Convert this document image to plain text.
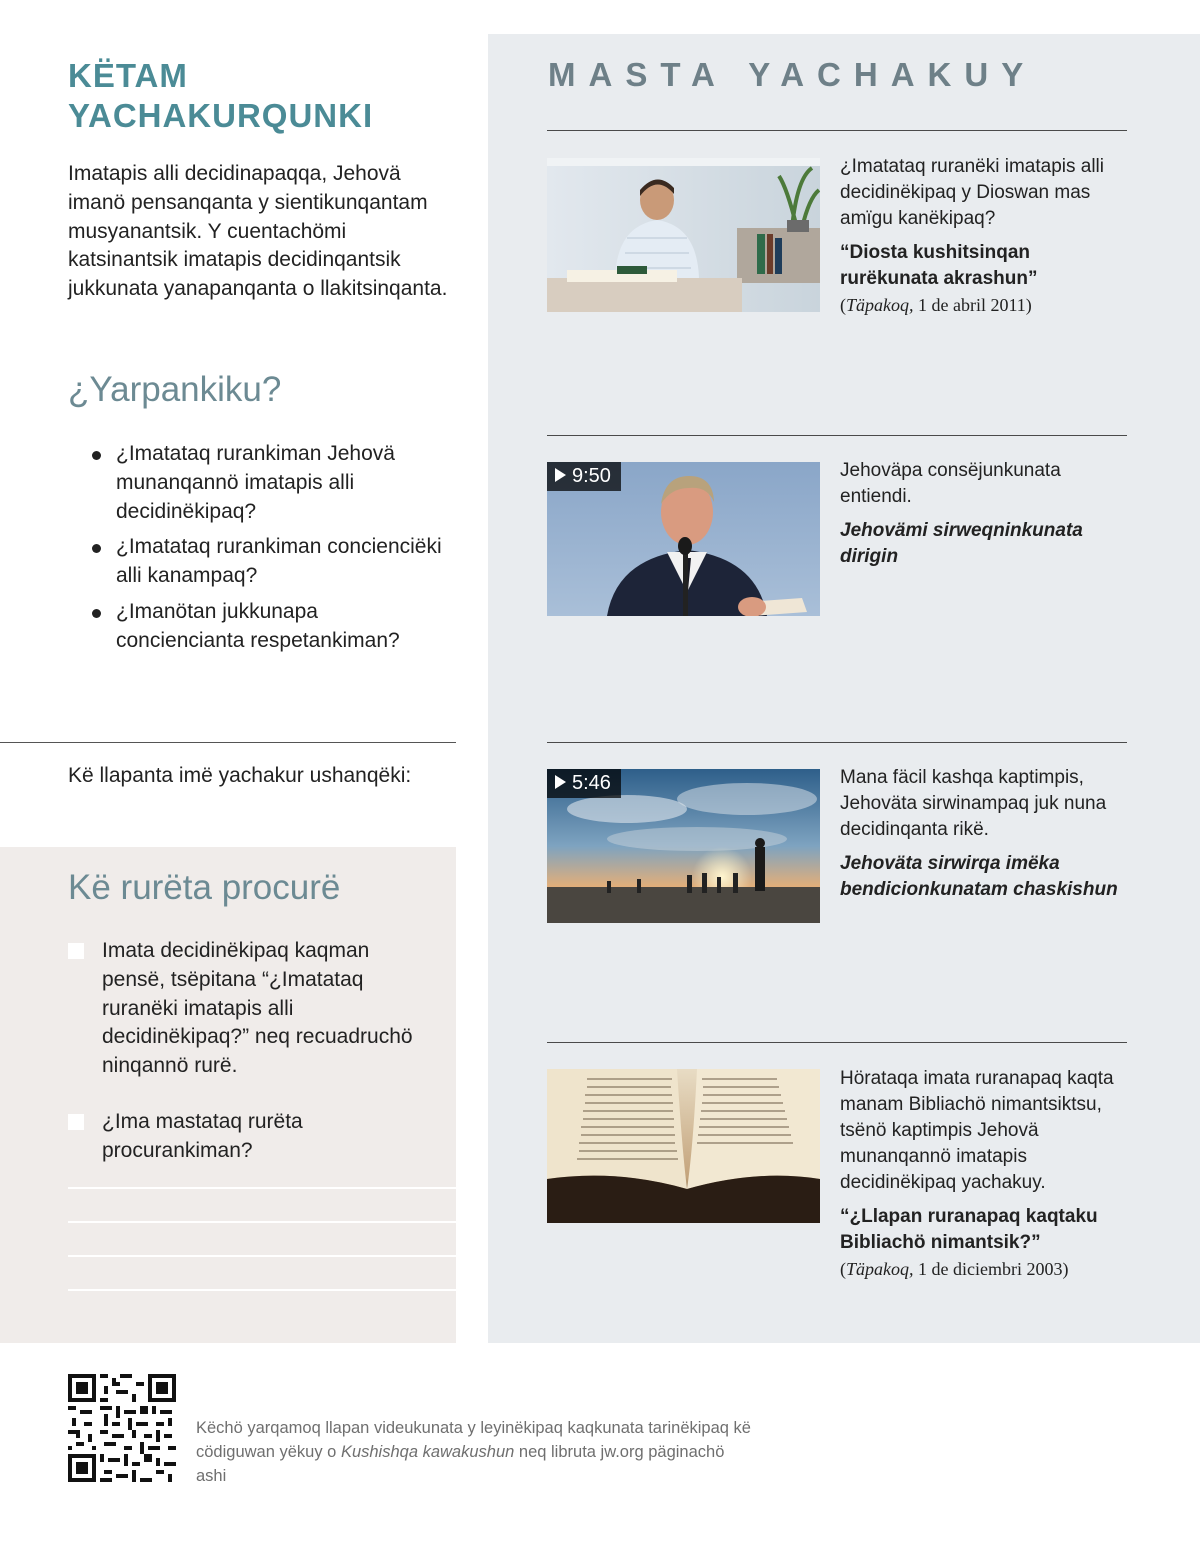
KËTAM
YACHAKURQUNKI

Imatapis alli decidinapaqqa, Jehovä imanö pensanqanta y sientikunqantam musyanantsik. Y cuentachömi katsinantsik imatapis decidinqantsik jukkunata yanapanqanta o llakitsinqanta.

¿Yarpankiku?
¿Imatataq rurankiman Jehovä munanqannö imatapis alli decidinëkipaq?
¿Imatataq rurankiman concienciëki alli kanampaq?
¿Imanötan jukkunapa concienciantа respetankiman?

Kë llapanta imë yachakur ushanqëki:

Kë rurëta procurë
Imata decidinëkipaq kaqman pensë, tsëpitana “¿Imatataq ruranëki imatapis alli decidinëkipaq?” neq recuadruchö ninqannö rurë.
¿Ima mastataq rurëta procurankiman?
MASTA YACHAKUY

¿Imatataq ruranëki imatapis alli decidinëkipaq y Dioswan mas amïgu kanëkipaq?

“Diosta kushitsinqan rurëkunata akrashun”

(Täpakoq, 1 de abril 2011)

9:50	Jehoväpa consëjunkunata entiendi.

Jehovämi sirweqninkunata dirigin

5:46	Mana fäcil kashqa kaptimpis, Jehoväta sirwinampaq juk nuna decidinqanta rikë.

Jehoväta sirwirqa imëka bendicionkunatam chaskishun

Hörataqa imata ruranapaq kaqta manam Bibliachö nimantsiktsu, tsënö kaptimpis Jehovä munanqannö imatapis decidinëkipaq yachakuy.

“¿Llapan ruranapaq kaqtaku Bibliachö nimantsik?”

(Täpakoq, 1 de diciembri 2003)

Këchö yarqamoq llapan videukunata y leyinëkipaq kaqkunata tarinëkipaq kë cödiguwan yëkuy o Kushishqa kawakushun neq libruta jw.org päginachö ashi
